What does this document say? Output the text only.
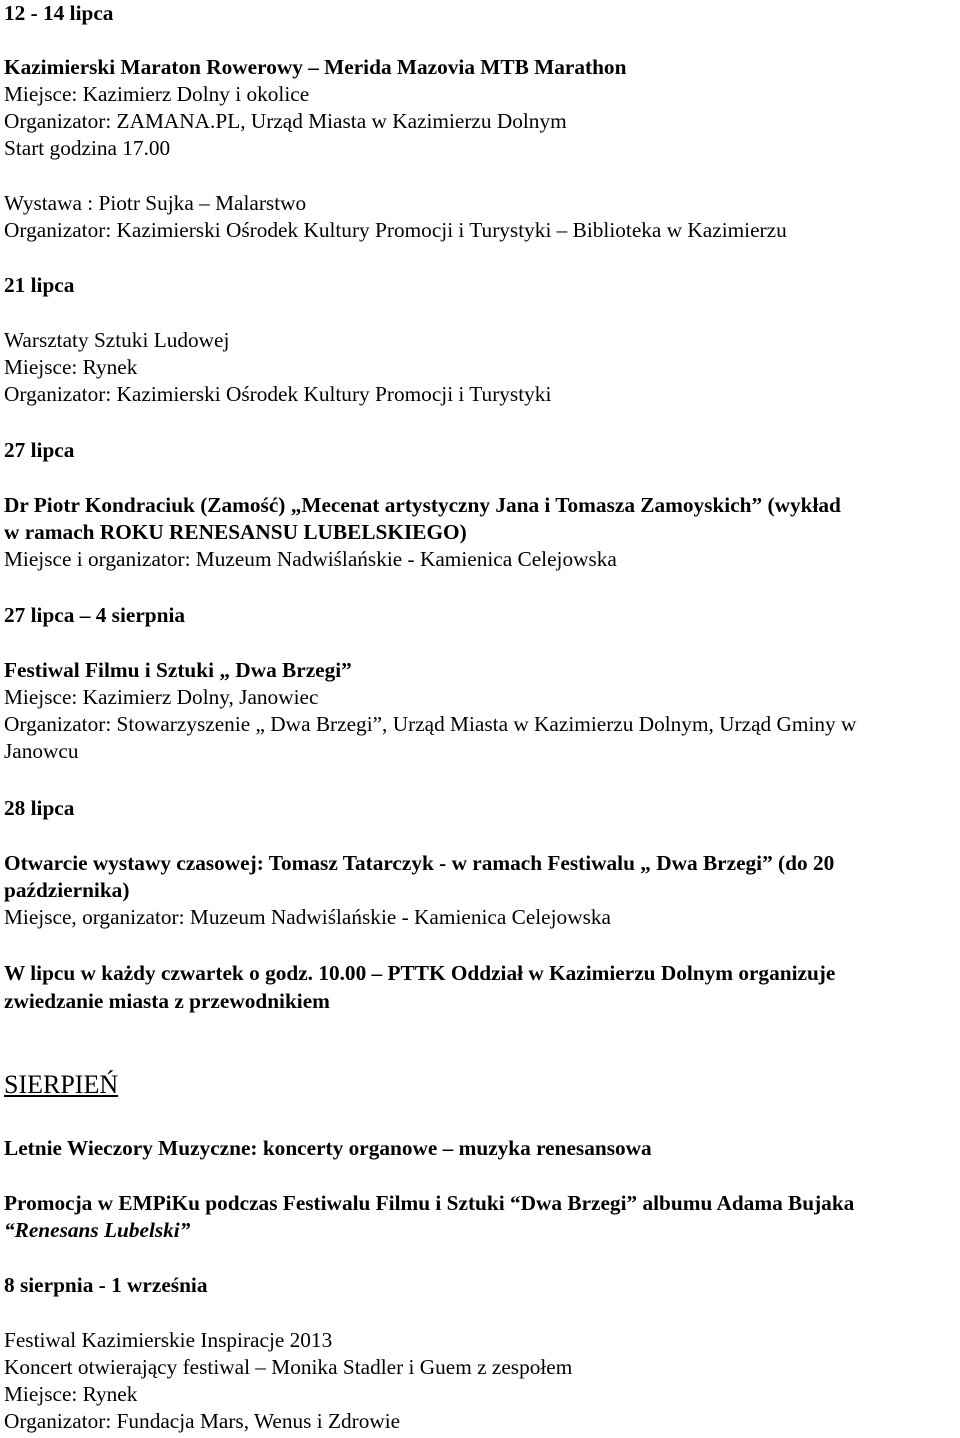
12 - 14 lipca
Kazimierski Maraton Rowerowy – Merida Mazovia MTB Marathon
Miejsce: Kazimierz Dolny i okolice
Organizator: ZAMANA.PL, Urząd Miasta w Kazimierzu Dolnym
Start godzina 17.00
Wystawa : Piotr Sujka – Malarstwo
Organizator: Kazimierski Ośrodek Kultury Promocji i Turystyki – Biblioteka w Kazimierzu
21 lipca
Warsztaty Sztuki Ludowej
Miejsce: Rynek
Organizator: Kazimierski Ośrodek Kultury Promocji i Turystyki
27 lipca
Dr Piotr Kondraciuk (Zamość) „Mecenat artystyczny Jana i Tomasza Zamoyskich” (wykład
w ramach ROKU RENESANSU LUBELSKIEGO)
Miejsce i organizator: Muzeum Nadwiślańskie - Kamienica Celejowska
27 lipca – 4 sierpnia
Festiwal Filmu i Sztuki „ Dwa Brzegi”
Miejsce: Kazimierz Dolny, Janowiec
Organizator: Stowarzyszenie „ Dwa Brzegi”, Urząd Miasta w Kazimierzu Dolnym, Urząd Gminy w
Janowcu
28 lipca
Otwarcie wystawy czasowej: Tomasz Tatarczyk - w ramach Festiwalu „ Dwa Brzegi” (do 20
października)
Miejsce, organizator: Muzeum Nadwiślańskie - Kamienica Celejowska
W lipcu w każdy czwartek o godz. 10.00 – PTTK Oddział w Kazimierzu Dolnym organizuje
zwiedzanie miasta z przewodnikiem
SIERPIEŃ
Letnie Wieczory Muzyczne: koncerty organowe – muzyka renesansowa
Promocja w EMPiKu podczas Festiwalu Filmu i Sztuki “Dwa Brzegi” albumu Adama Bujaka
“Renesans Lubelski”
8 sierpnia - 1 września
Festiwal Kazimierskie Inspiracje 2013
Koncert otwierający festiwal – Monika Stadler i Guem z zespołem
Miejsce: Rynek
Organizator: Fundacja Mars, Wenus i Zdrowie
